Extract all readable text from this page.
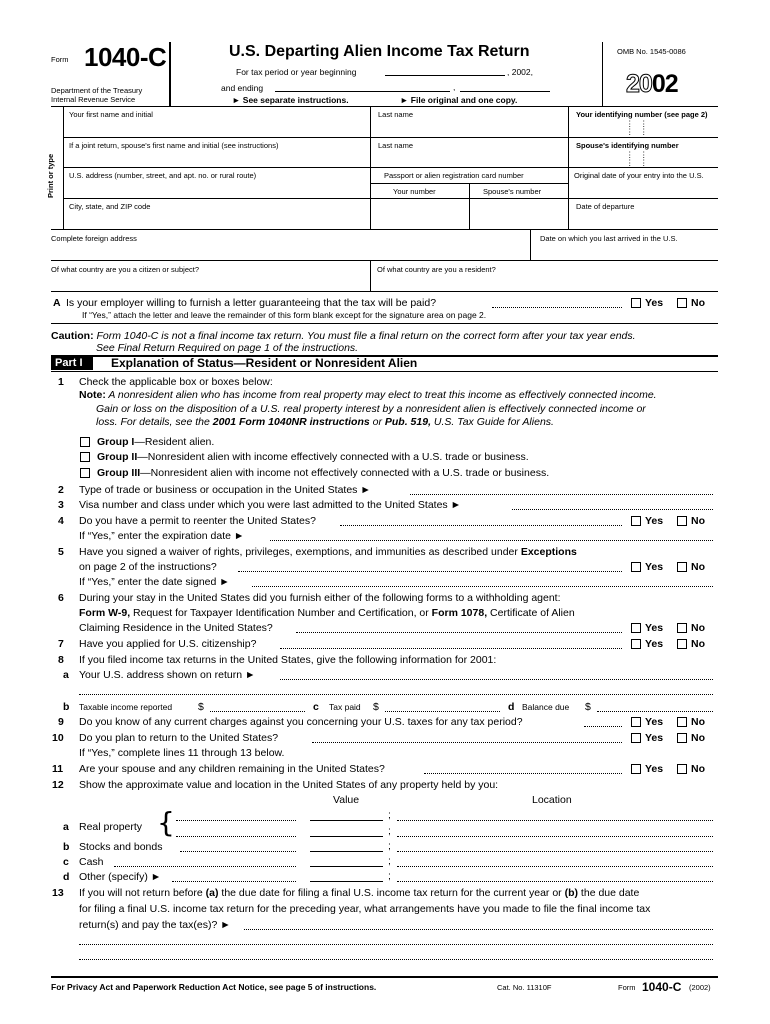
Form 1040-C
Department of the Treasury
Internal Revenue Service
U.S. Departing Alien Income Tax Return
For tax period or year beginning	, 2002,
and ending	,
► See separate instructions.	► File original and one copy.
OMB No. 1545-0086
2002
Print or type
Your first name and initial	Last name	Your identifying number (see page 2)
⋮
⋮
⋮
⋮
If a joint return, spouse's first name and initial (see instructions)	Last name	Spouse's identifying number
⋮
⋮
⋮
⋮
U.S. address (number, street, and apt. no. or rural route)	Passport or alien registration card number	Original date of your entry into the U.S.
Your number	Spouse's number
City, state, and ZIP code	Date of departure
Complete foreign address	Date on which you last arrived in the U.S.
Of what country are you a citizen or subject?	Of what country are you a resident?
A Is your employer willing to furnish a letter guaranteeing that the tax will be paid?	Yes	No
If “Yes,” attach the letter and leave the remainder of this form blank except for the signature area on page 2.
Caution: Form 1040-C is not a final income tax return. You must file a final return on the correct form after your tax year ends.
See Final Return Required on page 1 of the instructions.
Part I	Explanation of Status—Resident or Nonresident Alien
1 Check the applicable box or boxes below:
Note: A nonresident alien who has income from real property may elect to treat this income as effectively connected income.
Gain or loss on the disposition of a U.S. real property interest by a nonresident alien is effectively connected income or
loss. For details, see the 2001 Form 1040NR instructions or Pub. 519, U.S. Tax Guide for Aliens.
Group I—Resident alien.
Group II—Nonresident alien with income effectively connected with a U.S. trade or business.
Group III—Nonresident alien with income not effectively connected with a U.S. trade or business.
2 Type of trade or business or occupation in the United States ►
3 Visa number and class under which you were last admitted to the United States ►
4 Do you have a permit to reenter the United States?	Yes	No
If “Yes,” enter the expiration date ►
5 Have you signed a waiver of rights, privileges, exemptions, and immunities as described under Exceptions
on page 2 of the instructions?	Yes	No
If “Yes,” enter the date signed ►
6 During your stay in the United States did you furnish either of the following forms to a withholding agent:
Form W-9, Request for Taxpayer Identification Number and Certification, or Form 1078, Certificate of Alien
Claiming Residence in the United States?	Yes	No
7 Have you applied for U.S. citizenship?	Yes	No
8 If you filed income tax returns in the United States, give the following information for 2001:
a Your U.S. address shown on return ►
b Taxable income reported $	c Tax paid $	d Balance due $
9 Do you know of any current charges against you concerning your U.S. taxes for any tax period?	Yes	No
10 Do you plan to return to the United States?	Yes	No
If “Yes,” complete lines 11 through 13 below.
11 Are your spouse and any children remaining in the United States?	Yes	No
12 Show the approximate value and location in the United States of any property held by you:
Value	Location
a Real property {	;
;
b Stocks and bonds	;
c Cash	;
d Other (specify) ►	;
13 If you will not return before (a) the due date for filing a final U.S. income tax return for the current year or (b) the due date
for filing a final U.S. income tax return for the preceding year, what arrangements have you made to file the final income tax
return(s) and pay the tax(es)? ►
For Privacy Act and Paperwork Reduction Act Notice, see page 5 of instructions.	Cat. No. 11310F	Form 1040-C (2002)
